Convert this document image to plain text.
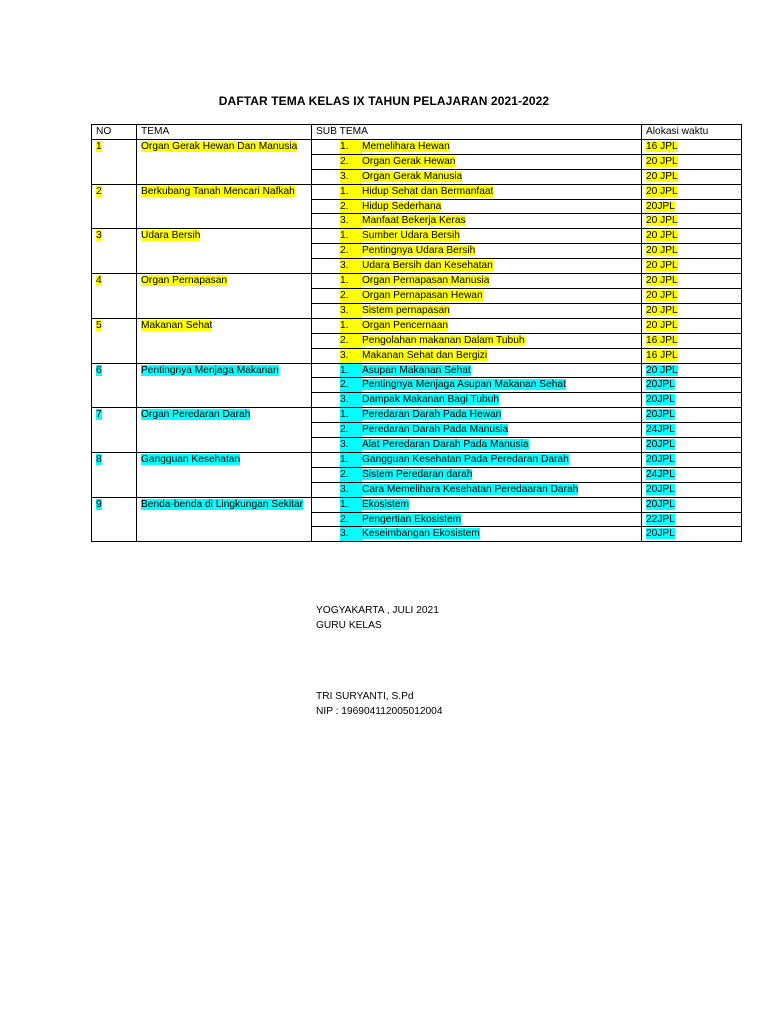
DAFTAR TEMA KELAS IX TAHUN PELAJARAN 2021-2022
NO	TEMA	SUB TEMA	Alokasi waktu
1	Organ Gerak Hewan Dan Manusia	1. Memelihara Hewan	16 JPL
		2. Organ Gerak Hewan	20 JPL
		3. Organ Gerak Manusia	20 JPL
2	Berkubang Tanah Mencari Nafkah	1. Hidup Sehat dan Bermanfaat	20 JPL
		2. Hidup Sederhana	20JPL
		3. Manfaat Bekerja Keras	20 JPL
3	Udara Bersih	1. Sumber Udara Bersih	20 JPL
		2. Pentingnya Udara Bersih	20 JPL
		3. Udara Bersih dan Kesehatan	20 JPL
4	Organ Pernapasan	1. Organ Pernapasan Manusia	20 JPL
		2. Organ Pernapasan Hewan	20 JPL
		3. Sistem pernapasan	20 JPL
5	Makanan Sehat	1. Organ Pencernaan	20 JPL
		2. Pengolahan makanan Dalam Tubuh	16 JPL
		3. Makanan Sehat dan Bergizi	16 JPL
6	Pentingnya Menjaga Makanan	1. Asupan Makanan Sehat	20 JPL
		2. Pentingnya Menjaga Asupan Makanan Sehat	20JPL
		3. Dampak Makanan Bagi Tubuh	20JPL
7	Organ Peredaran Darah	1. Peredaran Darah Pada Hewan	20JPL
		2. Peredaran Darah Pada Manusia	24JPL
		3. Alat Peredaran Darah Pada Manusia	20JPL
8	Gangguan Kesehatan	1. Gangguan Kesehatan Pada Peredaran Darah	20JPL
		2. Sistem Peredaran darah	24JPL
		3. Cara Memelihara Kesehatan Peredaaran Darah	20JPL
9	Benda-benda di Lingkungan Sekitar	1. Ekosistem	20JPL
		2. Pengertian Ekosistem	22JPL
		3. Keseimbangan Ekosistem	20JPL
YOGYAKARTA , JULI 2021
GURU KELAS
TRI SURYANTI, S.Pd
NIP : 196904112005012004
